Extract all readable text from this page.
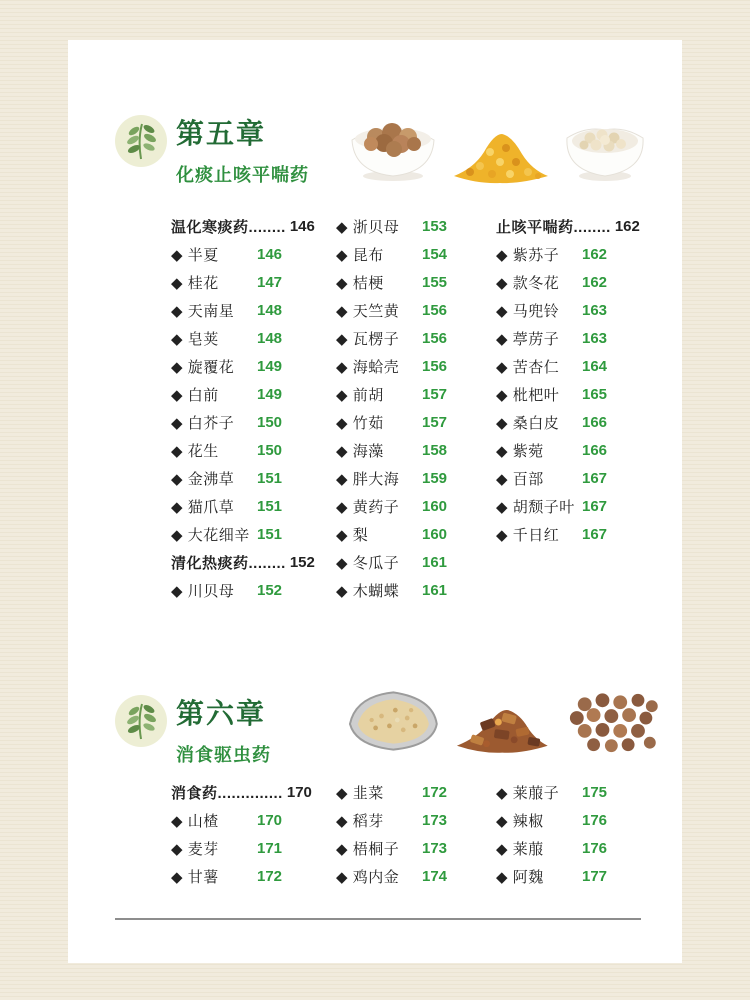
第五章
化痰止咳平喘药
温化寒痰药........ 146
◆ 半夏	146
◆ 桂花	147
◆ 天南星	148
◆ 皂荚	148
◆ 旋覆花	149
◆ 白前	149
◆ 白芥子	150
◆ 花生	150
◆ 金沸草	151
◆ 猫爪草	151
◆ 大花细辛 151
清化热痰药........ 152
◆ 川贝母	152
◆ 浙贝母	153
◆ 昆布	154
◆ 桔梗	155
◆ 天竺黄	156
◆ 瓦楞子	156
◆ 海蛤壳	156
◆ 前胡	157
◆ 竹茹	157
◆ 海藻	158
◆ 胖大海	159
◆ 黄药子	160
◆ 梨	160
◆ 冬瓜子	161
◆ 木蝴蝶	161
止咳平喘药........ 162
◆ 紫苏子	162
◆ 款冬花	162
◆ 马兜铃	163
◆ 葶苈子	163
◆ 苦杏仁	164
◆ 枇杷叶	165
◆ 桑白皮	166
◆ 紫菀	166
◆ 百部	167
◆ 胡颓子叶 167
◆ 千日红	167
第六章
消食驱虫药
消食药.............. 170
◆ 山楂	170
◆ 麦芽	171
◆ 甘薯	172
◆ 韭菜	172
◆ 稻芽	173
◆ 梧桐子	173
◆ 鸡内金	174
◆ 莱菔子	175
◆ 辣椒	176
◆ 莱菔	176
◆ 阿魏	177
